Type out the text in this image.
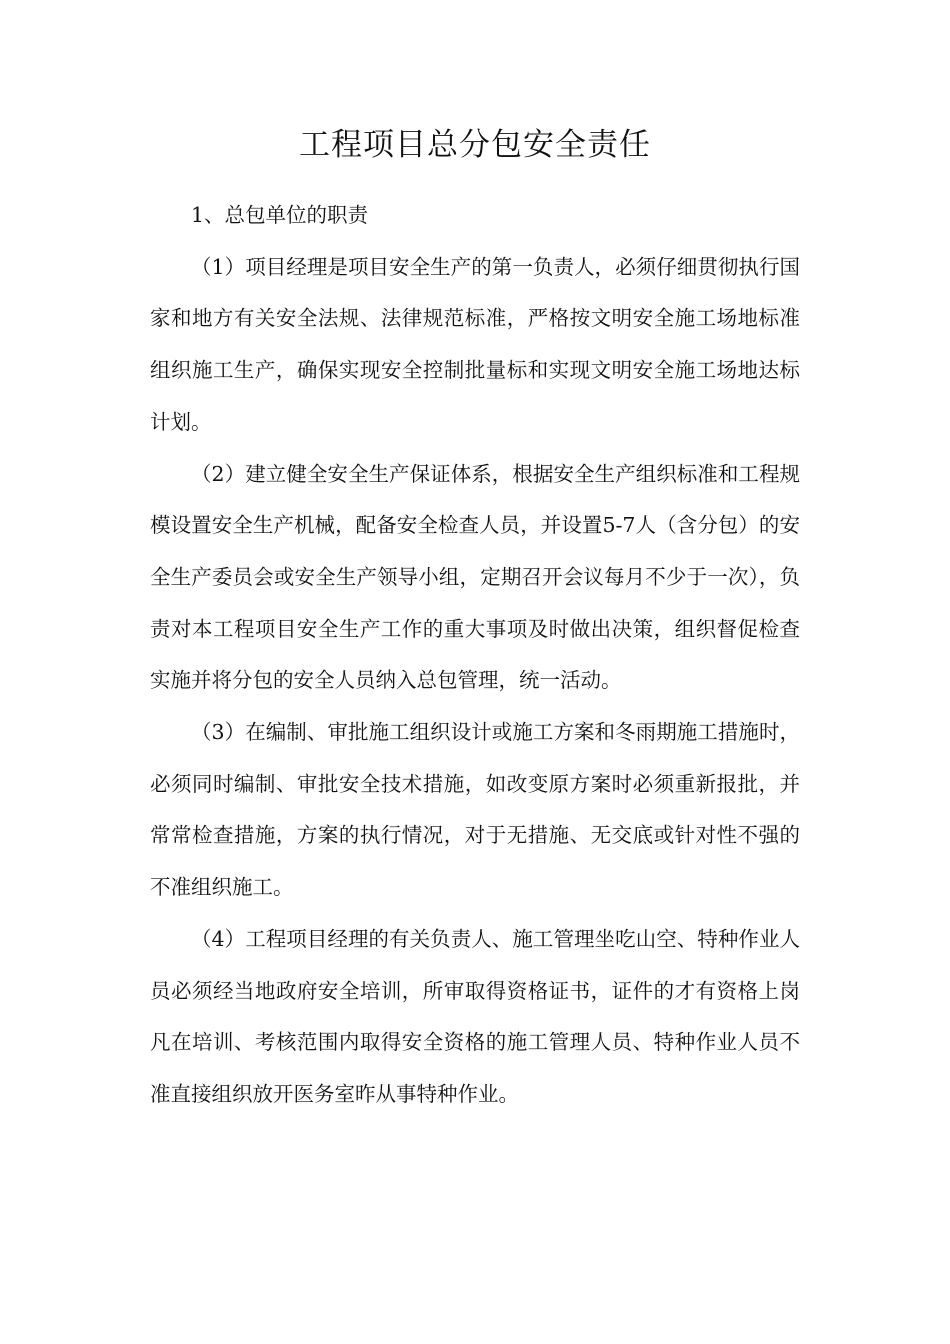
工程项目总分包安全责任

1、总包单位的职责

（1）项目经理是项目安全生产的第一负责人，必须仔细贯彻执行国家和地方有关安全法规、法律规范标准，严格按文明安全施工场地标准组织施工生产，确保实现安全控制批量标和实现文明安全施工场地达标计划。

（2）建立健全安全生产保证体系，根据安全生产组织标准和工程规模设置安全生产机械，配备安全检查人员，并设置5-7人（含分包）的安全生产委员会或安全生产领导小组，定期召开会议每月不少于一次），负责对本工程项目安全生产工作的重大事项及时做出决策，组织督促检查实施并将分包的安全人员纳入总包管理，统一活动。

（3）在编制、审批施工组织设计或施工方案和冬雨期施工措施时，必须同时编制、审批安全技术措施，如改变原方案时必须重新报批，并常常检查措施，方案的执行情况，对于无措施、无交底或针对性不强的不准组织施工。

（4）工程项目经理的有关负责人、施工管理坐吃山空、特种作业人员必须经当地政府安全培训，所审取得资格证书，证件的才有资格上岗凡在培训、考核范围内取得安全资格的施工管理人员、特种作业人员不准直接组织放开医务室昨从事特种作业。
